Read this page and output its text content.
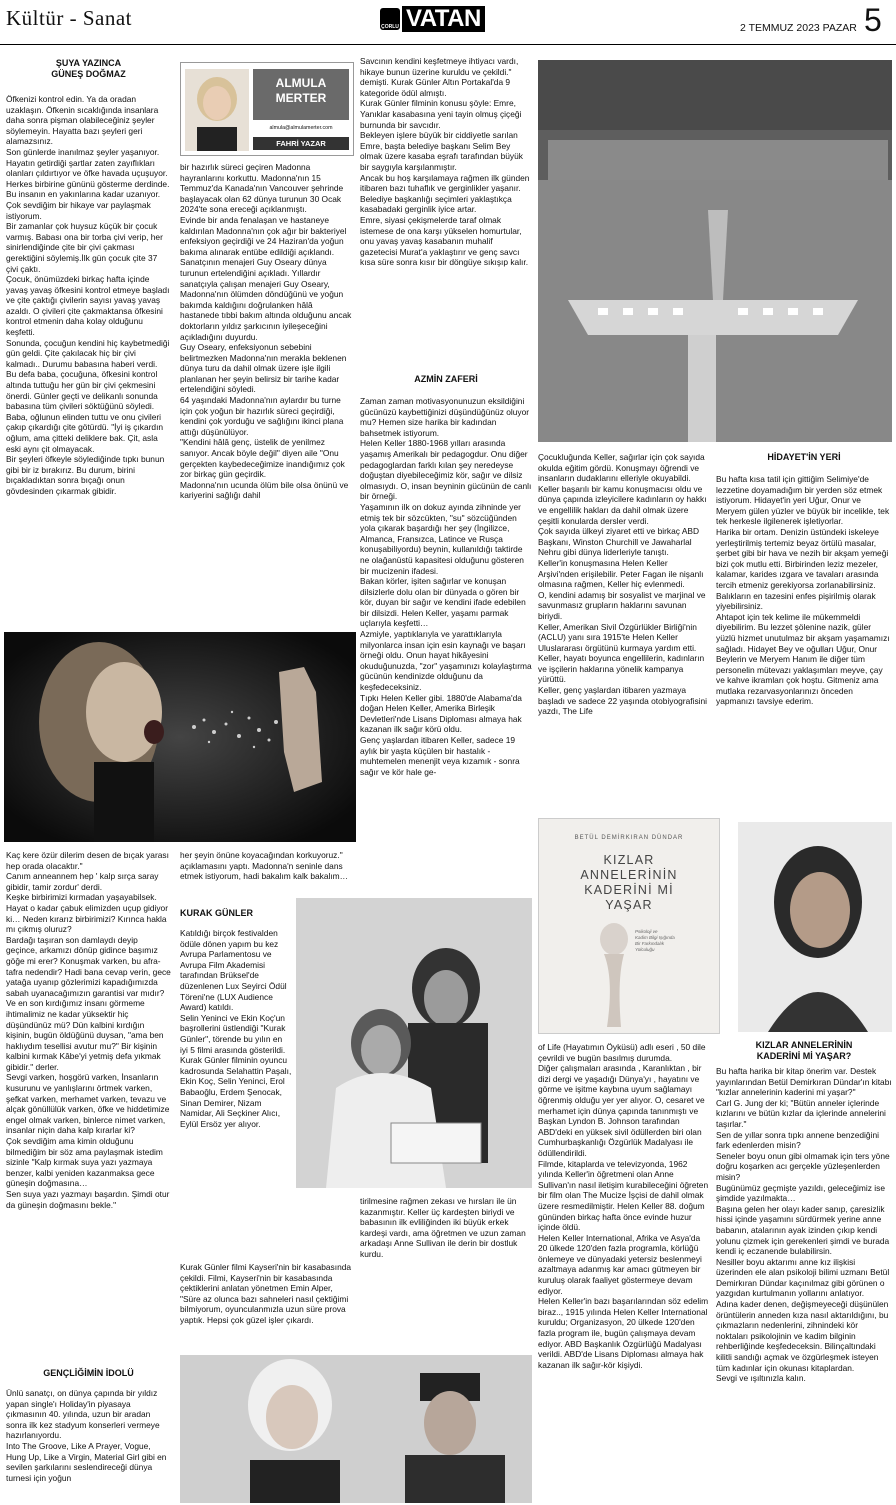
Kültür - Sanat	ÇORLU VATAN	2 TEMMUZ 2023 PAZAR 5
ŞUYA YAZINCA
GÜNEŞ DOĞMAZ
Öfkenizi kontrol edin. Ya da oradan uzaklaşın. Öfkenin sıcaklığında insanlara daha sonra pişman olabileceğiniz şeyler söylemeyin. Hayatta bazı şeyleri geri alamazsınız.
Son günlerde inanılmaz şeyler yaşanıyor. Hayatın getirdiği şartlar zaten zayıflıkları olanları çıldırtıyor ve öfke havada uçuşuyor.
Herkes birbirine gününü gösterme derdinde. Bu insanın en yakınlarına kadar uzanıyor. Çok sevdiğim bir hikaye var paylaşmak istiyorum.
Bir zamanlar çok huysuz küçük bir çocuk varmış. Babası ona bir torba çivi verip, her sinirlendiğinde çite bir çivi çakması gerektiğini söylemiş.İlk gün çocuk çite 37 çivi çaktı.
Çocuk, önümüzdeki birkaç hafta içinde yavaş yavaş öfkesini kontrol etmeye başladı ve çite çaktığı çivilerin sayısı yavaş yavaş azaldı. O çivileri çite çakmaktansa öfkesini kontrol etmenin daha kolay olduğunu keşfetti.
Sonunda, çocuğun kendini hiç kaybetmediği gün geldi. Çite çakılacak hiç bir çivi kalmadı.. Durumu babasına haberi verdi.
Bu defa baba, çocuğuna, öfkesini kontrol altında tuttuğu her gün bir çivi çekmesini önerdi. Günler geçti ve delikanlı sonunda babasına tüm çivileri söktüğünü söyledi.
Baba, oğlunun elinden tuttu ve onu çivileri çakıp çıkardığı çite götürdü. "İyi iş çıkardın oğlum, ama çitteki deliklere bak. Çit, asla eski aynı çit olmayacak.
Bir şeyleri öfkeyle söylediğinde tıpkı bunun gibi bir iz bırakırız. Bu durum, birini bıçakladıktan sonra bıçağı onun gövdesinden çıkarmak gibidir.
Kaç kere özür dilerim desen de bıçak yarası hep orada olacaktır."
Canım anneannem hep ' kalp sırça saray gibidir, tamir zordur' derdi.
Keşke birbirimizi kırmadan yaşayabilsek. Hayat o kadar çabuk elimizden uçup gidiyor ki… Neden kırarız birbirimizi? Kırınca hakla mı çıkmış oluruz?
Bardağı taşıran son damlaydı deyip geçince, arkamızı dönüp gidince başımız göğe mi erer? Konuşmak varken, bu afra-tafra nedendir? Hadi bana cevap verin, gece yatağa uyanıp gözlerimizi kapadığımızda sabah uyanacağımızın garantisi var mıdır?
Ve en son kırdığımız insanı görmeme ihtimalimiz ne kadar yüksektir hiç düşündünüz mü? Dün kalbini kırdığın kişinin, bugün öldüğünü duysan, "ama ben haklıydım tesellisi avutur mu?" Bir kişinin kalbini kırmak Kâbe'yi yetmiş defa yıkmak gibidir." derler.
Sevgi varken, hoşgörü varken, İnsanların kusurunu ve yanlışlarını örtmek varken, şefkat varken, merhamet varken, tevazu ve alçak gönüllülük varken, öfke ve hiddetimize engel olmak varken, binlerce nimet varken, insanlar niçin daha kalp kırarlar ki?
Çok sevdiğim ama kimin olduğunu bilmediğim bir söz ama paylaşmak istedim sizinle "Kalp kırmak suya yazı yazmaya benzer, kalbi yeniden kazanmaksa gece güneşin doğmasına…
Sen suya yazı yazmayı başardın. Şimdi otur da güneşin doğmasını bekle."
GENÇLİĞİMİN İDOLÜ
Ünlü sanatçı, on dünya çapında bir yıldız yapan single'ı Holiday'in piyasaya çıkmasının 40. yılında, uzun bir aradan sonra ilk kez stadyum konserleri vermeye hazırlanıyordu.
Into The Groove, Like A Prayer, Vogue, Hung Up, Like a Virgin, Material Girl gibi en sevilen şarkılarını seslendireceği dünya turnesi için yoğun
ALMULA
MERTER
almula@almulamerter.com
FAHRİ YAZAR
bir hazırlık süreci geçiren Madonna hayranlarını korkuttu. Madonna'nın 15 Temmuz'da Kanada'nın Vancouver şehrinde başlayacak olan 62 dünya turunun 30 Ocak 2024'te sona ereceği açıklanmıştı.
Evinde bir anda fenalaşan ve hastaneye kaldırılan Madonna'nın çok ağır bir bakteriyel enfeksiyon geçirdiği ve 24 Haziran'da yoğun bakıma alınarak entübe edildiği açıklandı.
Sanatçının menajeri Guy Oseary dünya turunun ertelendiğini açıkladı. Yıllardır sanatçıyla çalışan menajeri Guy Oseary, Madonna'nın ölümden döndüğünü ve yoğun bakımda kaldığını doğrulanken hâlâ hastanede tıbbi bakım altında olduğunu ancak doktorların yıldız şarkıcının iyileşeceğini açıkladığını duyurdu.
Guy Oseary, enfeksiyonun sebebini belirtmezken Madonna'nın merakla beklenen dünya turu da dahil olmak üzere işle ilgili planlanan her şeyin belirsiz bir tarihe kadar ertelendiğini söyledi.
64 yaşındaki Madonna'nın aylardır bu turne için çok yoğun bir hazırlık süreci geçirdiği, kendini çok yorduğu ve sağlığını ikinci plana attığı düşünülüyor.
"Kendini hâlâ genç, üstelik de yenilmez sanıyor. Ancak böyle değil" diyen aile "Onu gerçekten kaybedeceğimize inandığımız çok zor birkaç gün geçirdik.
Madonna'nın ucunda ölüm bile olsa önünü ve kariyerini sağlığı dahil
her şeyin önüne koyacağından korkuyoruz." açıklamasını yaptı. Madonna'n seninle dans etmek istiyorum, hadi bakalım kalk bakalım…
KURAK GÜNLER
Katıldığı birçok festivalden ödüle dönen yapım bu kez Avrupa Parlamentosu ve Avrupa Film Akademisi tarafından Brüksel'de düzenlenen Lux Seyirci Ödül Töreni'ne (LUX Audience Award) katıldı.
Selin Yeninci ve Ekin Koç'un başrollerini üstlendiği "Kurak Günler", törende bu yılın en iyi 5 filmi arasında gösterildi. Kurak Günler filminin oyuncu kadrosunda Selahattin Paşalı, Ekin Koç, Selin Yeninci, Erol Babaoğlu, Erdem Şenocak, Sinan Demirer, Nizam Namidar, Ali Seçkiner Alıcı, Eylül Ersöz yer alıyor.
Kurak Günler filmi Kayseri'nin bir kasabasında çekildi. Filmi, Kayseri'nin bir kasabasında çektiklerini anlatan yönetmen Emin Alper, "Süre az olunca bazı sahneleri nasıl çektiğimi bilmiyorum, oyunculanmızla uzun süre prova yaptık. Hepsi çok güzel işler çıkardı.
Savcının kendini keşfetmeye ihtiyacı vardı, hikaye bunun üzerine kuruldu ve çekildi." demişti. Kurak Günler Altın Portakal'da 9 kategoride ödül almıştı.
Kurak Günler filminin konusu şöyle: Emre, Yanıklar kasabasına yeni tayin olmuş çiçeği burnunda bir savcıdır.
Bekleyen işlere büyük bir ciddiyetle sarılan Emre, başta belediye başkanı Selim Bey olmak üzere kasaba eşrafı tarafından büyük bir saygıyla karşılanmıştır.
Ancak bu hoş karşılamaya rağmen ilk günden itibaren bazı tuhaflık ve gerginlikler yaşanır. Belediye başkanlığı seçimleri yaklaştıkça kasabadaki gerginlik iyice artar.
Emre, siyasi çekişmelerde taraf olmak istemese de ona karşı yükselen homurtular, onu yavaş yavaş kasabanın muhalif gazetecisi Murat'a yaklaştırır ve genç savcı kısa süre sonra kısır bir döngüye sıkışıp kalır.
AZMİN ZAFERİ
Zaman zaman motivasyonunuzun eksildiğini gücünüzü kaybettiğinizi düşündüğünüz oluyor mu? Hemen size harika bir kadından bahsetmek istiyorum.
Helen Keller 1880-1968 yılları arasında yaşamış Amerikalı bir pedagogdur. Onu diğer pedagoglardan farklı kılan şey neredeyse doğuştan diyebileceğimiz kör, sağır ve dilsiz olmasıydı. O, insan beyninin gücünün de canlı bir örneği.
Yaşamının ilk on dokuz ayında zihninde yer etmiş tek bir sözcükten, "su" sözcüğünden yola çıkarak başardığı her şey (İngilizce, Almanca, Fransızca, Latince ve Rusça konuşabiliyordu) beynin, kullanıldığı taktirde ne olağanüstü kapasitesi olduğunu gösteren bir mucizenin ifadesi.
Bakan körler, işiten sağırlar ve konuşan dilsizlerle dolu olan bir dünyada o gören bir kör, duyan bir sağır ve kendini ifade edebilen bir dilsizdi. Helen Keller, yaşamı parmak uçlarıyla keşfetti…
Azmiyle, yaptıklarıyla ve yarattıklarıyla milyonlarca insan için esin kaynağı ve başarı örneği oldu. Onun hayat hikâyesini okuduğunuzda, "zor" yaşamınızı kolaylaştırma gücünün kendinizde olduğunu da keşfedeceksiniz.
Tıpkı Helen Keller gibi. 1880'de Alabama'da doğan Helen Keller, Amerika Birleşik Devletleri'nde Lisans Diploması almaya hak kazanan ilk sağır körü oldu.
Genç yaşlardan itibaren Keller, sadece 19 aylık bir yaşta küçülen bir hastalık - muhtemelen menenjit veya kızamık - sonra sağır ve kör hale ge-
tirilmesine rağmen zekası ve hırsları ile ün kazanmıştır. Keller üç kardeşten biriydi ve babasının ilk evliliğinden iki büyük erkek kardeşi vardı, ama öğretmen ve uzun zaman arkadaşı Anne Sullivan ile derin bir dostluk kurdu.
Çocukluğunda Keller, sağırlar için çok sayıda okulda eğitim gördü. Konuşmayı öğrendi ve insanların dudaklarını elleriyle okuyabildi.
Keller başarılı bir kamu konuşmacısı oldu ve dünya çapında izleyicilere kadınların oy hakkı ve engellilik hakları da dahil olmak üzere çeşitli konularda dersler verdi.
Çok sayıda ülkeyi ziyaret etti ve birkaç ABD Başkanı, Winston Churchill ve Jawaharlal Nehru gibi dünya liderleriyle tanıştı.
Keller'in konuşmasına Helen Keller Arşivi'nden erişilebilir. Peter Fagan ile nişanlı olmasına rağmen, Keller hiç evlenmedi.
O, kendini adamış bir sosyalist ve marjinal ve savunmasız grupların haklarını savunan biriydi.
Keller, Amerikan Sivil Özgürlükler Birliği'nin (ACLU) yanı sıra 1915'te Helen Keller Uluslararası örgütünü kurmaya yardım etti.
Keller, hayatı boyunca engellilerin, kadınların ve işçilerin haklarına yönelik kampanya yürüttü.
Keller, genç yaşlardan itibaren yazmaya başladı ve sadece 22 yaşında otobiyografisini yazdı, The Life
BETÜL DEMİRKIRAN DÜNDAR
KIZLAR
ANNELERİNİN
KADERİNİ Mİ
YAŞAR
Psikoloji ve
Kadim Bilgi Işığında
Bir Farkındalık
Yolculuğu
of Life (Hayatımın Öyküsü) adlı eseri , 50 dile çevrildi ve bugün basılmış durumda.
Diğer çalışmaları arasında , Karanlıktan , bir dizi dergi ve yaşadığı Dünya'yı , hayatını ve görme ve işitme kaybına uyum sağlamayı öğrenmiş olduğu yer yer alıyor. O, cesaret ve merhamet için dünya çapında tanınmıştı ve Başkan Lyndon B. Johnson tarafından ABD'deki en yüksek sivil ödüllerden biri olan Cumhurbaşkanlığı Özgürlük Madalyası ile ödüllendirildi.
Filmde, kitaplarda ve televizyonda, 1962 yılında Keller'in öğretmeni olan Anne Sullivan'ın nasıl iletişim kurabileceğini öğreten bir film olan The Mucize İşçisi de dahil olmak üzere resmedilmiştir. Helen Keller 88. doğum gününden birkaç hafta önce evinde huzur içinde öldü.
Helen Keller International, Afrika ve Asya'da 20 ülkede 120'den fazla programla, körlüğü önlemeye ve dünyadaki yetersiz beslenmeyi azaltmaya adanmış kar amacı gütmeyen bir kuruluş olarak faaliyet göstermeye devam ediyor.
Helen Keller'in bazı başarılarından söz edelim biraz.., 1915 yılında Helen Keller International kuruldu; Organizasyon, 20 ülkede 120'den fazla program ile, bugün çalışmaya devam ediyor. ABD Başkanlık Özgürlüğü Madalyası verildi. ABD'de Lisans Diploması almaya hak kazanan ilk sağır-kör kişiydi.
HİDAYET'İN YERİ
Bu hafta kısa tatil için gittiğim Selimiye'de lezzetine doyamadığım bir yerden söz etmek istiyorum. Hidayet'in yeri Uğur, Onur ve Meryem gülen yüzler ve büyük bir incelikle, tek tek herkesle ilgilenerek işletiyorlar.
Harika bir ortam. Denizin üstündeki iskeleye yerleştirilmiş tertemiz beyaz örtülü masalar, şerbet gibi bir hava ve nezih bir akşam yemeği bizi çok mutlu etti. Birbirinden leziz mezeler, kalamar, karides ızgara ve tavaları arasında tercih etmeniz gerekiyorsa zorlanabilirsiniz. Balıkların en tazesini enfes pişirilmiş olarak yiyebilirsiniz.
Ahtapot için tek kelime ile mükemmeldi diyebilirim. Bu lezzet şölenine nazik, güler yüzlü hizmet unutulmaz bir akşam yaşamamızı sağladı. Hidayet Bey ve oğulları Uğur, Onur Beylerin ve Meryem Hanım ile diğer tüm personelin mütevazı yaklaşımları meyve, çay ve kahve ikramları çok hoştu. Gitmeniz ama mutlaka rezarvasyonlarınızı önceden yapmanızı tavsiye ederim.
KIZLAR ANNELERİNİN
KADERİNİ Mİ YAŞAR?
Bu hafta harika bir kitap önerim var. Destek yayınlarından Betül Demirkıran Dündar'ın kitabı "kızlar annelerinin kaderini mi yaşar?"
Carl G. Jung der ki; "Bütün anneler içlerinde kızlarını ve bütün kızlar da içlerinde annelerini taşırlar."
Sen de yıllar sonra tıpkı annene benzediğini fark edenlerden misin?
Seneler boyu onun gibi olmamak için ters yöne doğru koşarken acı gerçekle yüzleşenlerden misin?
Bugünümüz geçmişte yazıldı, geleceğimiz ise şimdide yazılmakta…
Başına gelen her olayı kader sanıp, çaresizlik hissi içinde yaşamını sürdürmek yerine anne babanın, atalarının ayak izinden çıkıp kendi yolunu çizmek için gerekenleri şimdi ve burada kendi iç eczanende bulabilirsin.
Nesiller boyu aktarımı anne kız ilişkisi üzerinden ele alan psikoloji bilimi uzmanı Betül Demirkıran Dündar kaçınılmaz gibi görünen o yazgıdan kurtulmanın yollarını anlatıyor.
Adına kader denen, değişmeyeceği düşünülen örüntülerin anneden kıza nasıl aktarıldığını, bu çıkmazların nedenlerini, zihnindeki kör noktaları psikolojinin ve kadim bilginin rehberliğinde keşfedeceksin. Bilinçaltındaki kilitli sandığı açmak ve özgürleşmek isteyen tüm kadınlar için okunası kitaplardan.
Sevgi ve ışıltınızla kalın.
